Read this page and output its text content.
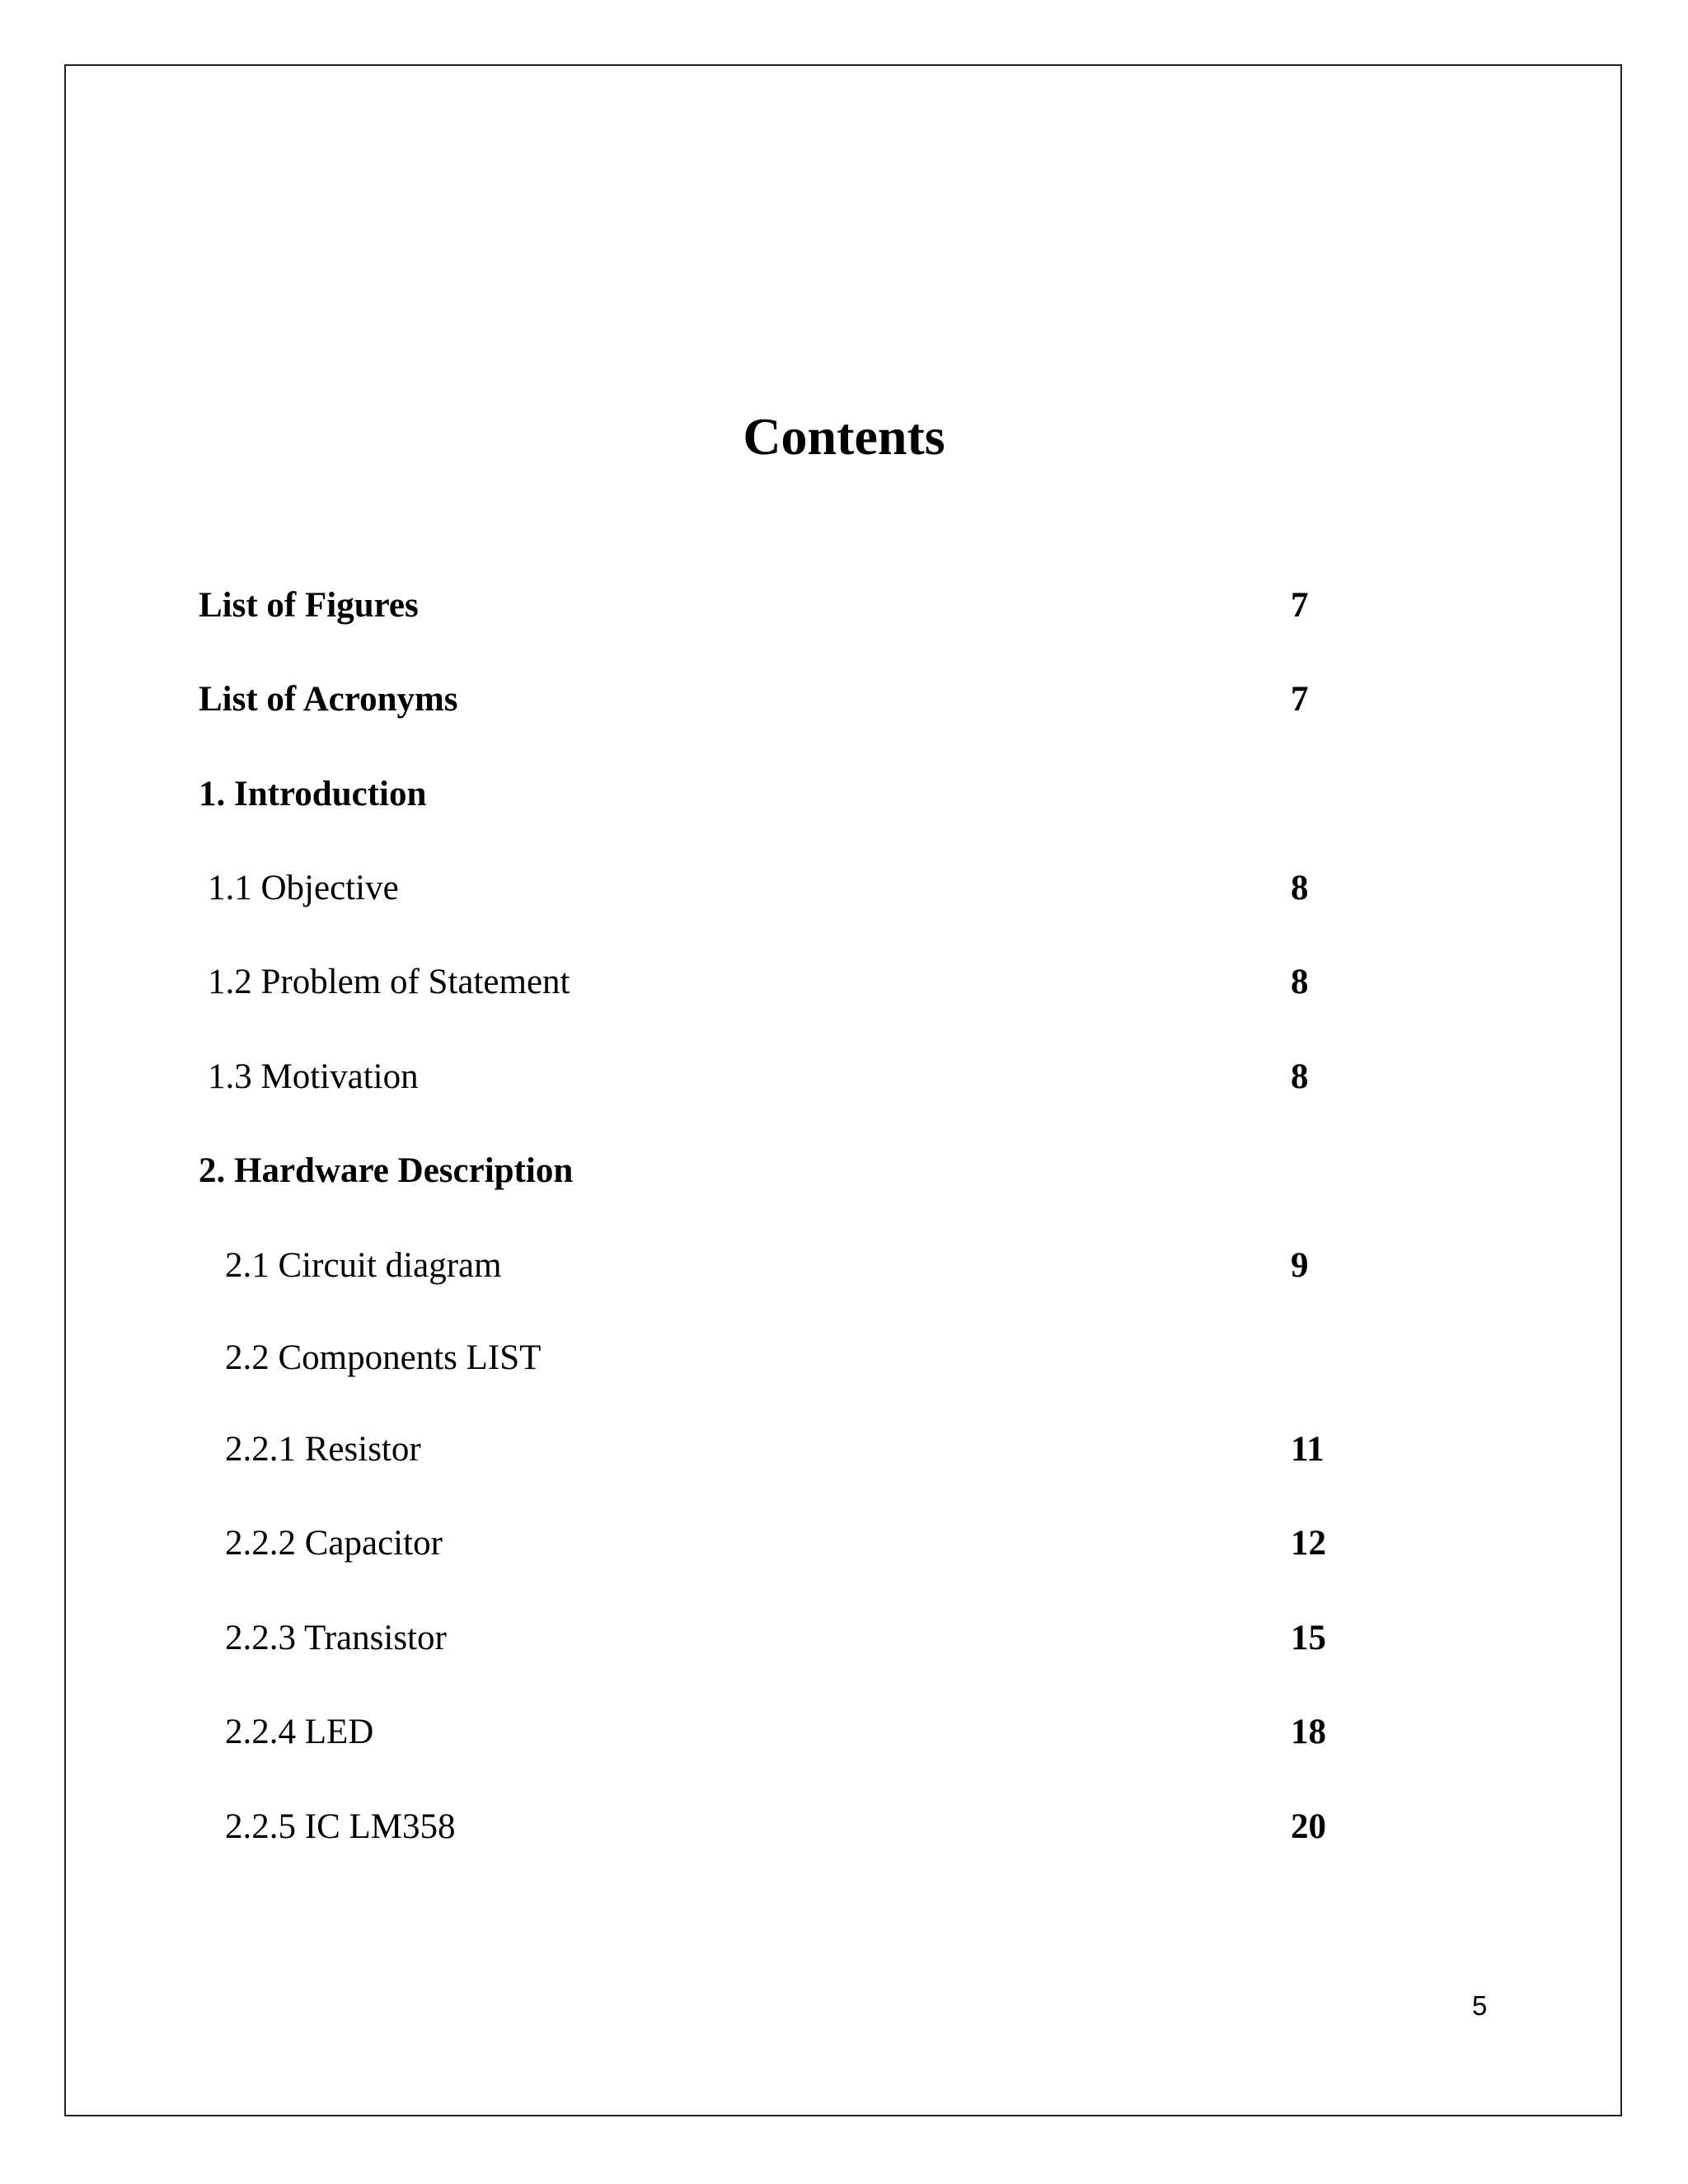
Contents
List of Figures	7
List of Acronyms	7
1. Introduction
1.1 Objective	8
1.2 Problem of Statement	8
1.3 Motivation	8
2. Hardware Description
2.1 Circuit diagram	9
2.2 Components LIST
2.2.1 Resistor	11
2.2.2 Capacitor	12
2.2.3 Transistor	15
2.2.4 LED	18
2.2.5 IC LM358	20
5
